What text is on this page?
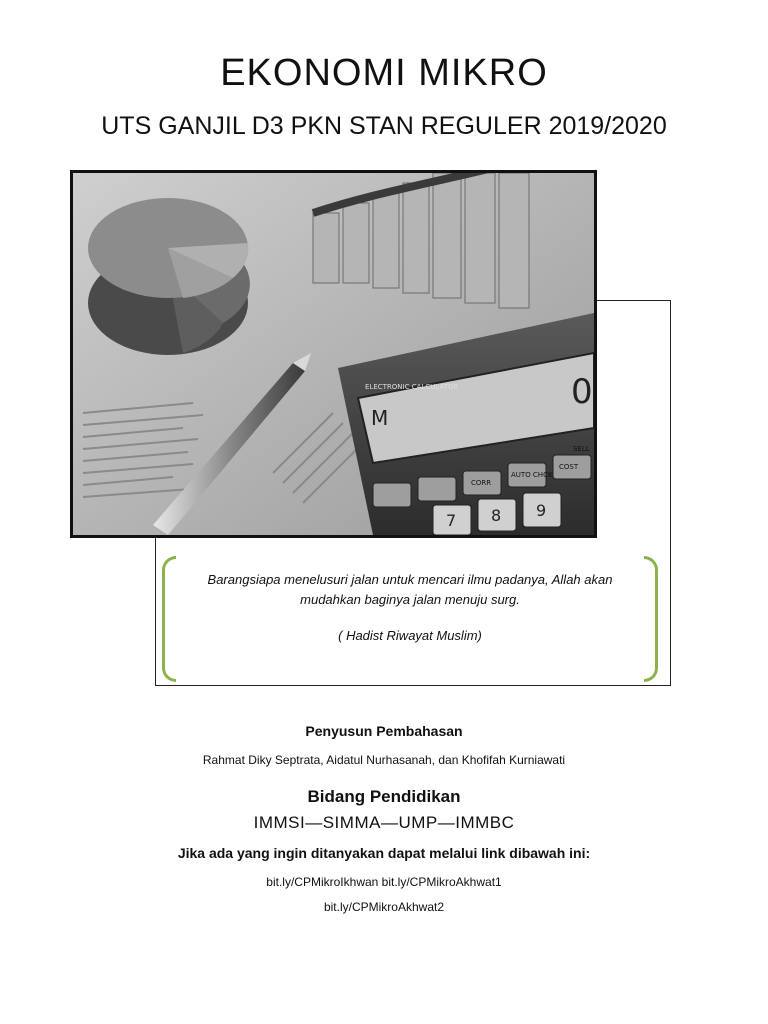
EKONOMI MIKRO
UTS GANJIL D3 PKN STAN REGULER 2019/2020
ELECTRONIC CALCULATOR
M
0
CORR
AUTO CHCK
COST
SELL
7 8 9
Barangsiapa menelusuri jalan untuk mencari ilmu padanya, Allah akan mudahkan baginya jalan menuju surg.
( Hadist Riwayat Muslim)
Penyusun Pembahasan
Rahmat Diky Septrata, Aidatul Nurhasanah, dan Khofifah Kurniawati
Bidang Pendidikan
IMMSI—SIMMA—UMP—IMMBC
Jika ada yang ingin ditanyakan dapat melalui link dibawah ini:
bit.ly/CPMikroIkhwan bit.ly/CPMikroAkhwat1
bit.ly/CPMikroAkhwat2
